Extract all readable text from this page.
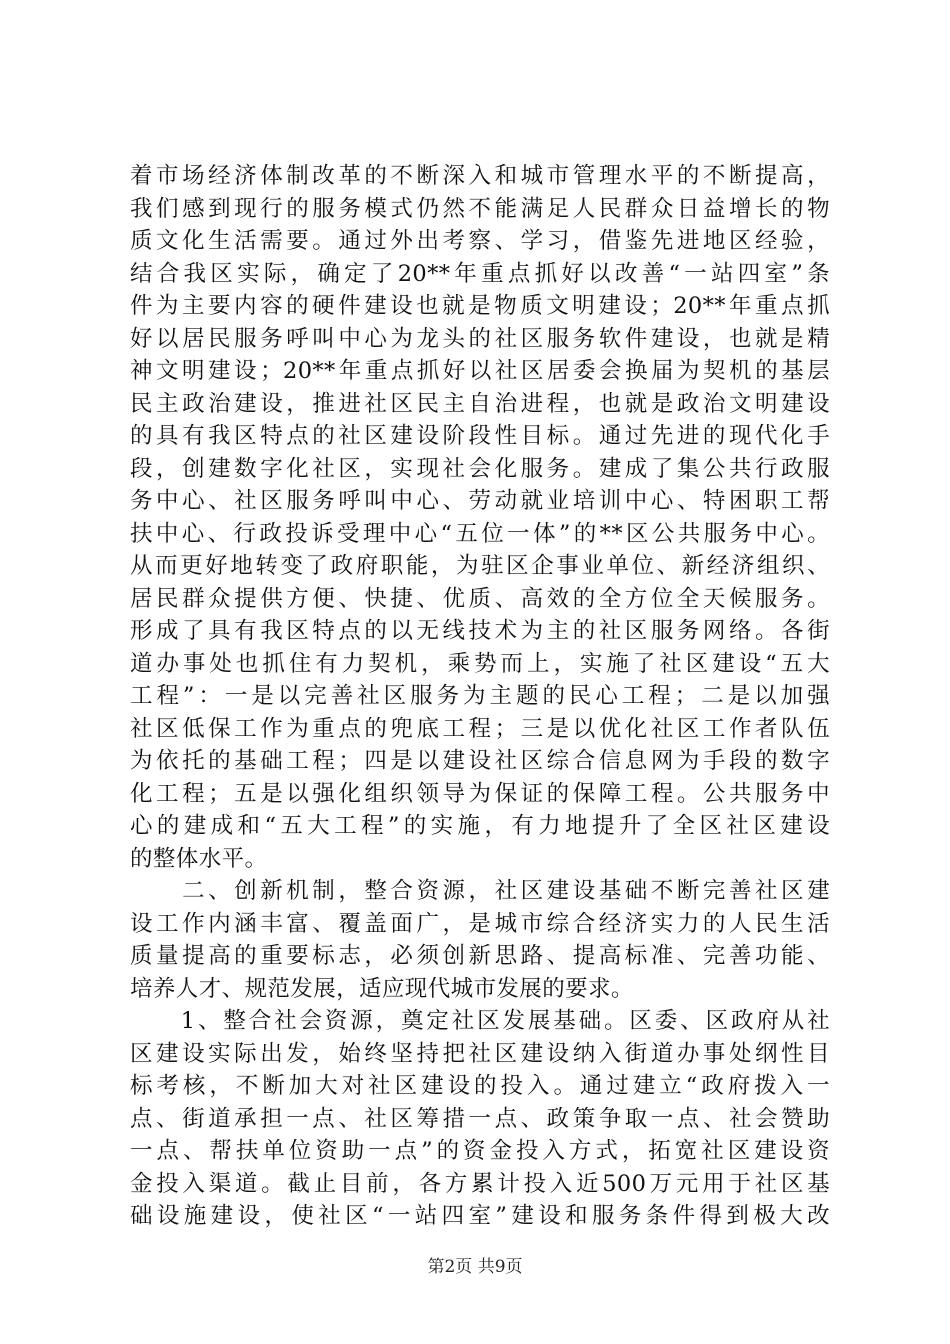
着市场经济体制改革的不断深入和城市管理水平的不断提高，
我们感到现行的服务模式仍然不能满足人民群众日益增长的物
质文化生活需要。通过外出考察、学习，借鉴先进地区经验，
结合我区实际，确定了20**年重点抓好以改善“一站四室”条
件为主要内容的硬件建设也就是物质文明建设；20**年重点抓
好以居民服务呼叫中心为龙头的社区服务软件建设，也就是精
神文明建设；20**年重点抓好以社区居委会换届为契机的基层
民主政治建设，推进社区民主自治进程，也就是政治文明建设
的具有我区特点的社区建设阶段性目标。通过先进的现代化手
段，创建数字化社区，实现社会化服务。建成了集公共行政服
务中心、社区服务呼叫中心、劳动就业培训中心、特困职工帮
扶中心、行政投诉受理中心“五位一体”的**区公共服务中心。
从而更好地转变了政府职能，为驻区企事业单位、新经济组织、
居民群众提供方便、快捷、优质、高效的全方位全天候服务。
形成了具有我区特点的以无线技术为主的社区服务网络。各街
道办事处也抓住有力契机，乘势而上，实施了社区建设“五大
工程”：一是以完善社区服务为主题的民心工程；二是以加强
社区低保工作为重点的兜底工程；三是以优化社区工作者队伍
为依托的基础工程；四是以建设社区综合信息网为手段的数字
化工程；五是以强化组织领导为保证的保障工程。公共服务中
心的建成和“五大工程”的实施，有力地提升了全区社区建设
的整体水平。
　　二、创新机制，整合资源，社区建设基础不断完善社区建
设工作内涵丰富、覆盖面广，是城市综合经济实力的人民生活
质量提高的重要标志，必须创新思路、提高标准、完善功能、
培养人才、规范发展，适应现代城市发展的要求。
　　1、整合社会资源，奠定社区发展基础。区委、区政府从社
区建设实际出发，始终坚持把社区建设纳入街道办事处纲性目
标考核，不断加大对社区建设的投入。通过建立“政府拨入一
点、街道承担一点、社区筹措一点、政策争取一点、社会赞助
一点、帮扶单位资助一点”的资金投入方式，拓宽社区建设资
金投入渠道。截止目前，各方累计投入近500万元用于社区基
础设施建设，使社区“一站四室”建设和服务条件得到极大改
第2页 共9页
